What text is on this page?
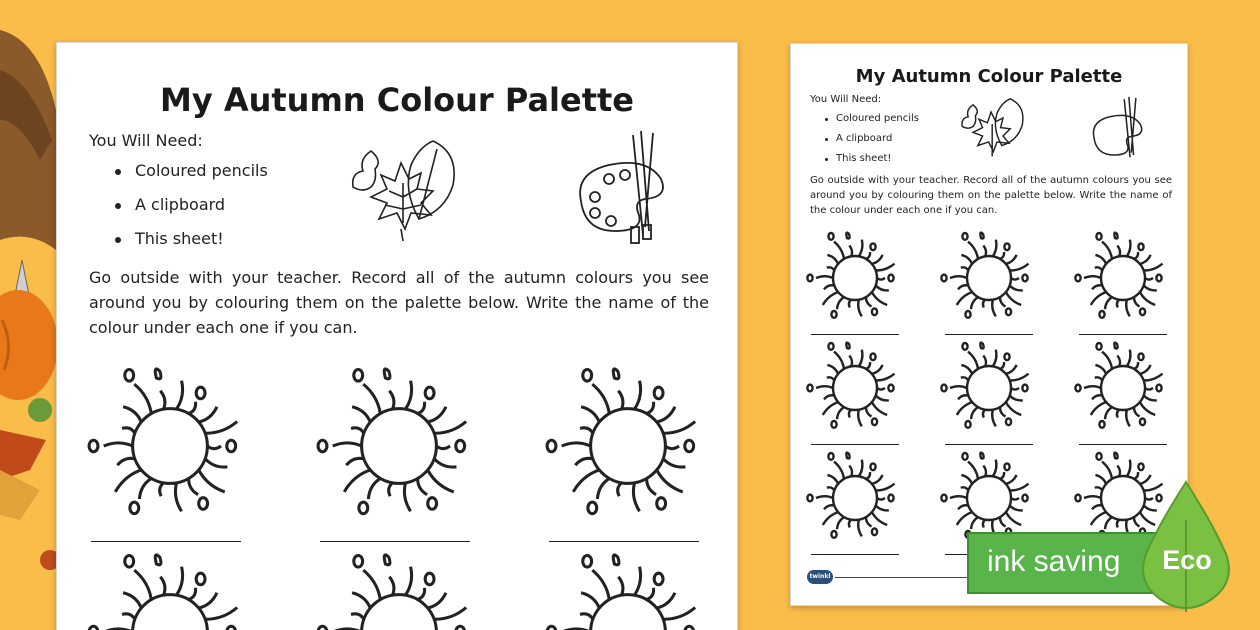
My Autumn Colour Palette
You Will Need:
Coloured pencils
A clipboard
This sheet!
Go outside with your teacher. Record all of the autumn colours you see around you by colouring them on the palette below. Write the name of the colour under each one if you can.
My Autumn Colour Palette
You Will Need:
Coloured pencils
A clipboard
This sheet!
Go outside with your teacher. Record all of the autumn colours you see around you by colouring them on the palette below. Write the name of the colour under each one if you can.
twinkl	ink saving Eco
